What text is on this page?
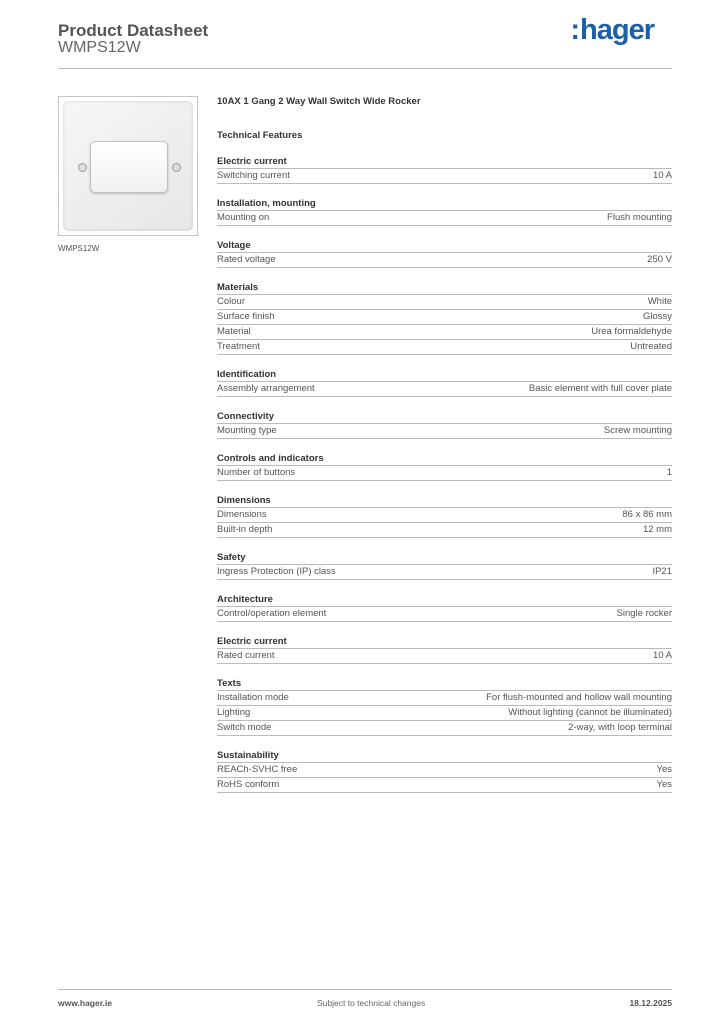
Product Datasheet
WMPS12W
:hager
WMPS12W
10AX 1 Gang 2 Way Wall Switch Wide Rocker
Technical Features
Electric current
Switching current	10 A
Installation, mounting
Mounting on	Flush mounting
Voltage
Rated voltage	250 V
Materials
Colour	White
Surface finish	Glossy
Material	Urea formaldehyde
Treatment	Untreated
Identification
Assembly arrangement	Basic element with full cover plate
Connectivity
Mounting type	Screw mounting
Controls and indicators
Number of buttons	1
Dimensions
Dimensions	86 x 86 mm
Built-in depth	12 mm
Safety
Ingress Protection (IP) class	IP21
Architecture
Control/operation element	Single rocker
Electric current
Rated current	10 A
Texts
Installation mode	For flush-mounted and hollow wall mounting
Lighting	Without lighting (cannot be illuminated)
Switch mode	2-way, with loop terminal
Sustainability
REACh-SVHC free	Yes
RoHS conform	Yes
www.hager.ie	Subject to technical changes	18.12.2025
